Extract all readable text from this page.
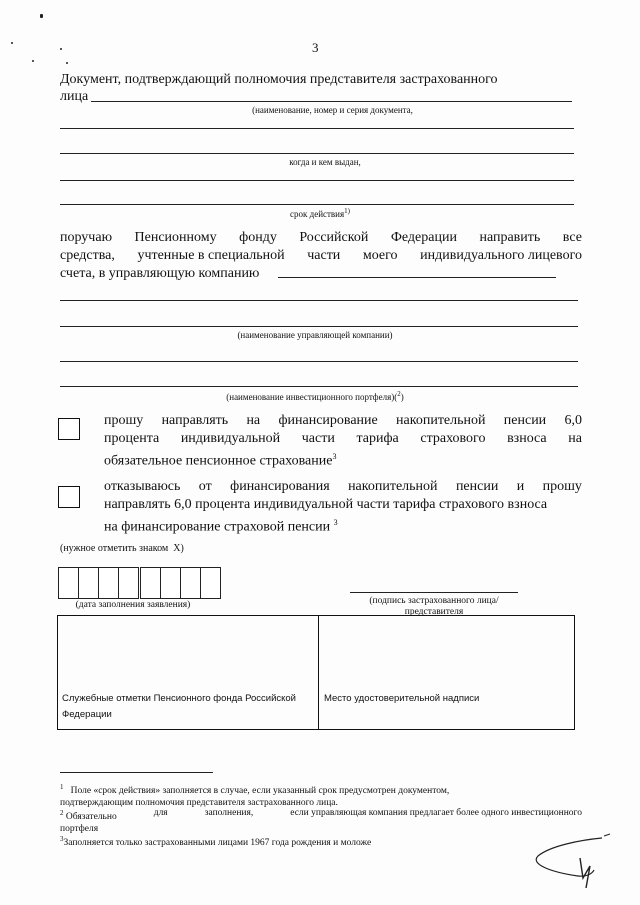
3
Документ, подтверждающий полномочия представителя застрахованного
лица
(наименование, номер и серия документа,
когда и кем выдан,
срок действия$^{1)}$
поручаю Пенсионному фонду Российской Федерации направить все
средства, учтенные в специальной части моего индивидуального лицевого
счета, в управляющую компанию
(наименование управляющей компании)
(наименование инвестиционного портфеля)($^2$)
прошу направлять на финансирование накопительной пенсии 6,0
процента индивидуальной части тарифа страхового взноса на
обязательное пенсионное страхование$^3$
отказываюсь от финансирования накопительной пенсии и прошу
направлять 6,0 процента индивидуальной части тарифа страхового взноса
на финансирование страховой пенсии $^3$
(нужное отметить знаком  Х)
(дата заполнения заявления)	(подпись застрахованного лица/
представителя
Служебные отметки Пенсионного фонда Российской
Федерации
Место удостоверительной надписи
$^1$ Поле «срок действия» заполняется в случае, если указанный срок предусмотрен документом,
подтверждающим полномочия представителя застрахованного лица.
$^2$ Обязательно	для	заполнения,	если управляющая компания предлагает более одного инвестиционного
портфеля
$^3$Заполняется только застрахованными лицами 1967 года рождения и моложе
